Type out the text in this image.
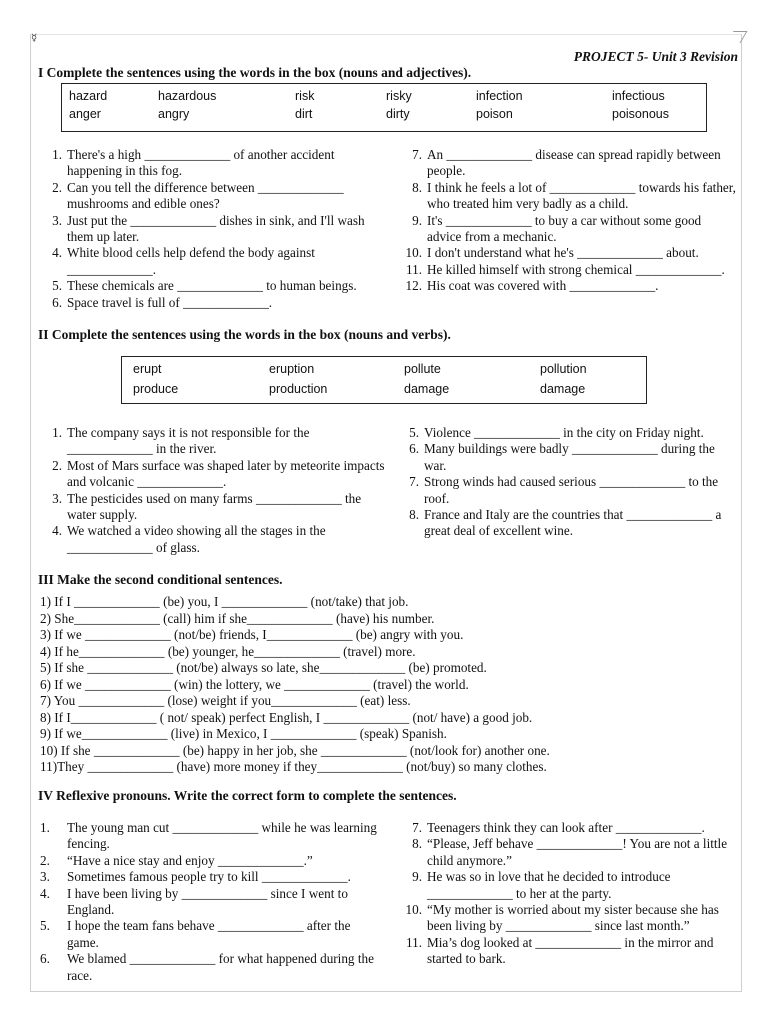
☿
PROJECT 5- Unit 3 Revision
I Complete the sentences using the words in the box (nouns and adjectives).
hazard	hazardous	risk	risky	infection	infectious
anger	angry	dirt	dirty	poison	poisonous
1. There's a high _____________ of another accident happening in this fog.
2. Can you tell the difference between _____________ mushrooms and edible ones?
3. Just put the _____________ dishes in sink, and I'll wash them up later.
4. White blood cells help defend the body against _____________.
5. These chemicals are _____________ to human beings.
6. Space travel is full of _____________.
7. An _____________ disease can spread rapidly between people.
8. I think he feels a lot of _____________ towards his father, who treated him very badly as a child.
9. It's _____________ to buy a car without some good advice from a mechanic.
10. I don't understand what he's _____________ about.
11. He killed himself with strong chemical _____________.
12. His coat was covered with _____________.
II Complete the sentences using the words in the box (nouns and verbs).
erupt	eruption	pollute	pollution
produce	production	damage	damage
1. The company says it is not responsible for the _____________ in the river.
2. Most of Mars surface was shaped later by meteorite impacts and volcanic _____________.
3. The pesticides used on many farms _____________ the water supply.
4. We watched a video showing all the stages in the _____________ of glass.
5. Violence _____________ in the city on Friday night.
6. Many buildings were badly _____________ during the war.
7. Strong winds had caused serious _____________ to the roof.
8. France and Italy are the countries that _____________ a great deal of excellent wine.
III Make the second conditional sentences.
1) If I _____________ (be) you, I _____________ (not/take) that job.
2) She_____________ (call) him if she_____________ (have) his number.
3) If we _____________ (not/be) friends, I_____________ (be) angry with you.
4) If he_____________ (be) younger, he_____________ (travel) more.
5) If she _____________ (not/be) always so late, she_____________ (be) promoted.
6) If we _____________ (win) the lottery, we _____________ (travel) the world.
7) You _____________ (lose) weight if you_____________ (eat) less.
8) If I_____________ ( not/ speak) perfect English, I _____________ (not/ have) a good job.
9) If we_____________ (live) in Mexico, I _____________ (speak) Spanish.
10) If she _____________ (be) happy in her job, she _____________ (not/look for) another one.
11)They _____________ (have) more money if they_____________ (not/buy) so many clothes.
IV Reflexive pronouns. Write the correct form to complete the sentences.
1.	The young man cut _____________ while he was learning fencing.
2.	“Have a nice stay and enjoy _____________.”
3.	Sometimes famous people try to kill _____________.
4.	I have been living by _____________ since I went to England.
5.	I hope the team fans behave _____________ after the game.
6.	We blamed _____________ for what happened during the race.
7. Teenagers think they can look after _____________.
8. “Please, Jeff behave _____________! You are not a little child anymore.”
9. He was so in love that he decided to introduce _____________ to her at the party.
10. “My mother is worried about my sister because she has been living by _____________ since last month.”
11. Mia’s dog looked at _____________ in the mirror and started to bark.
